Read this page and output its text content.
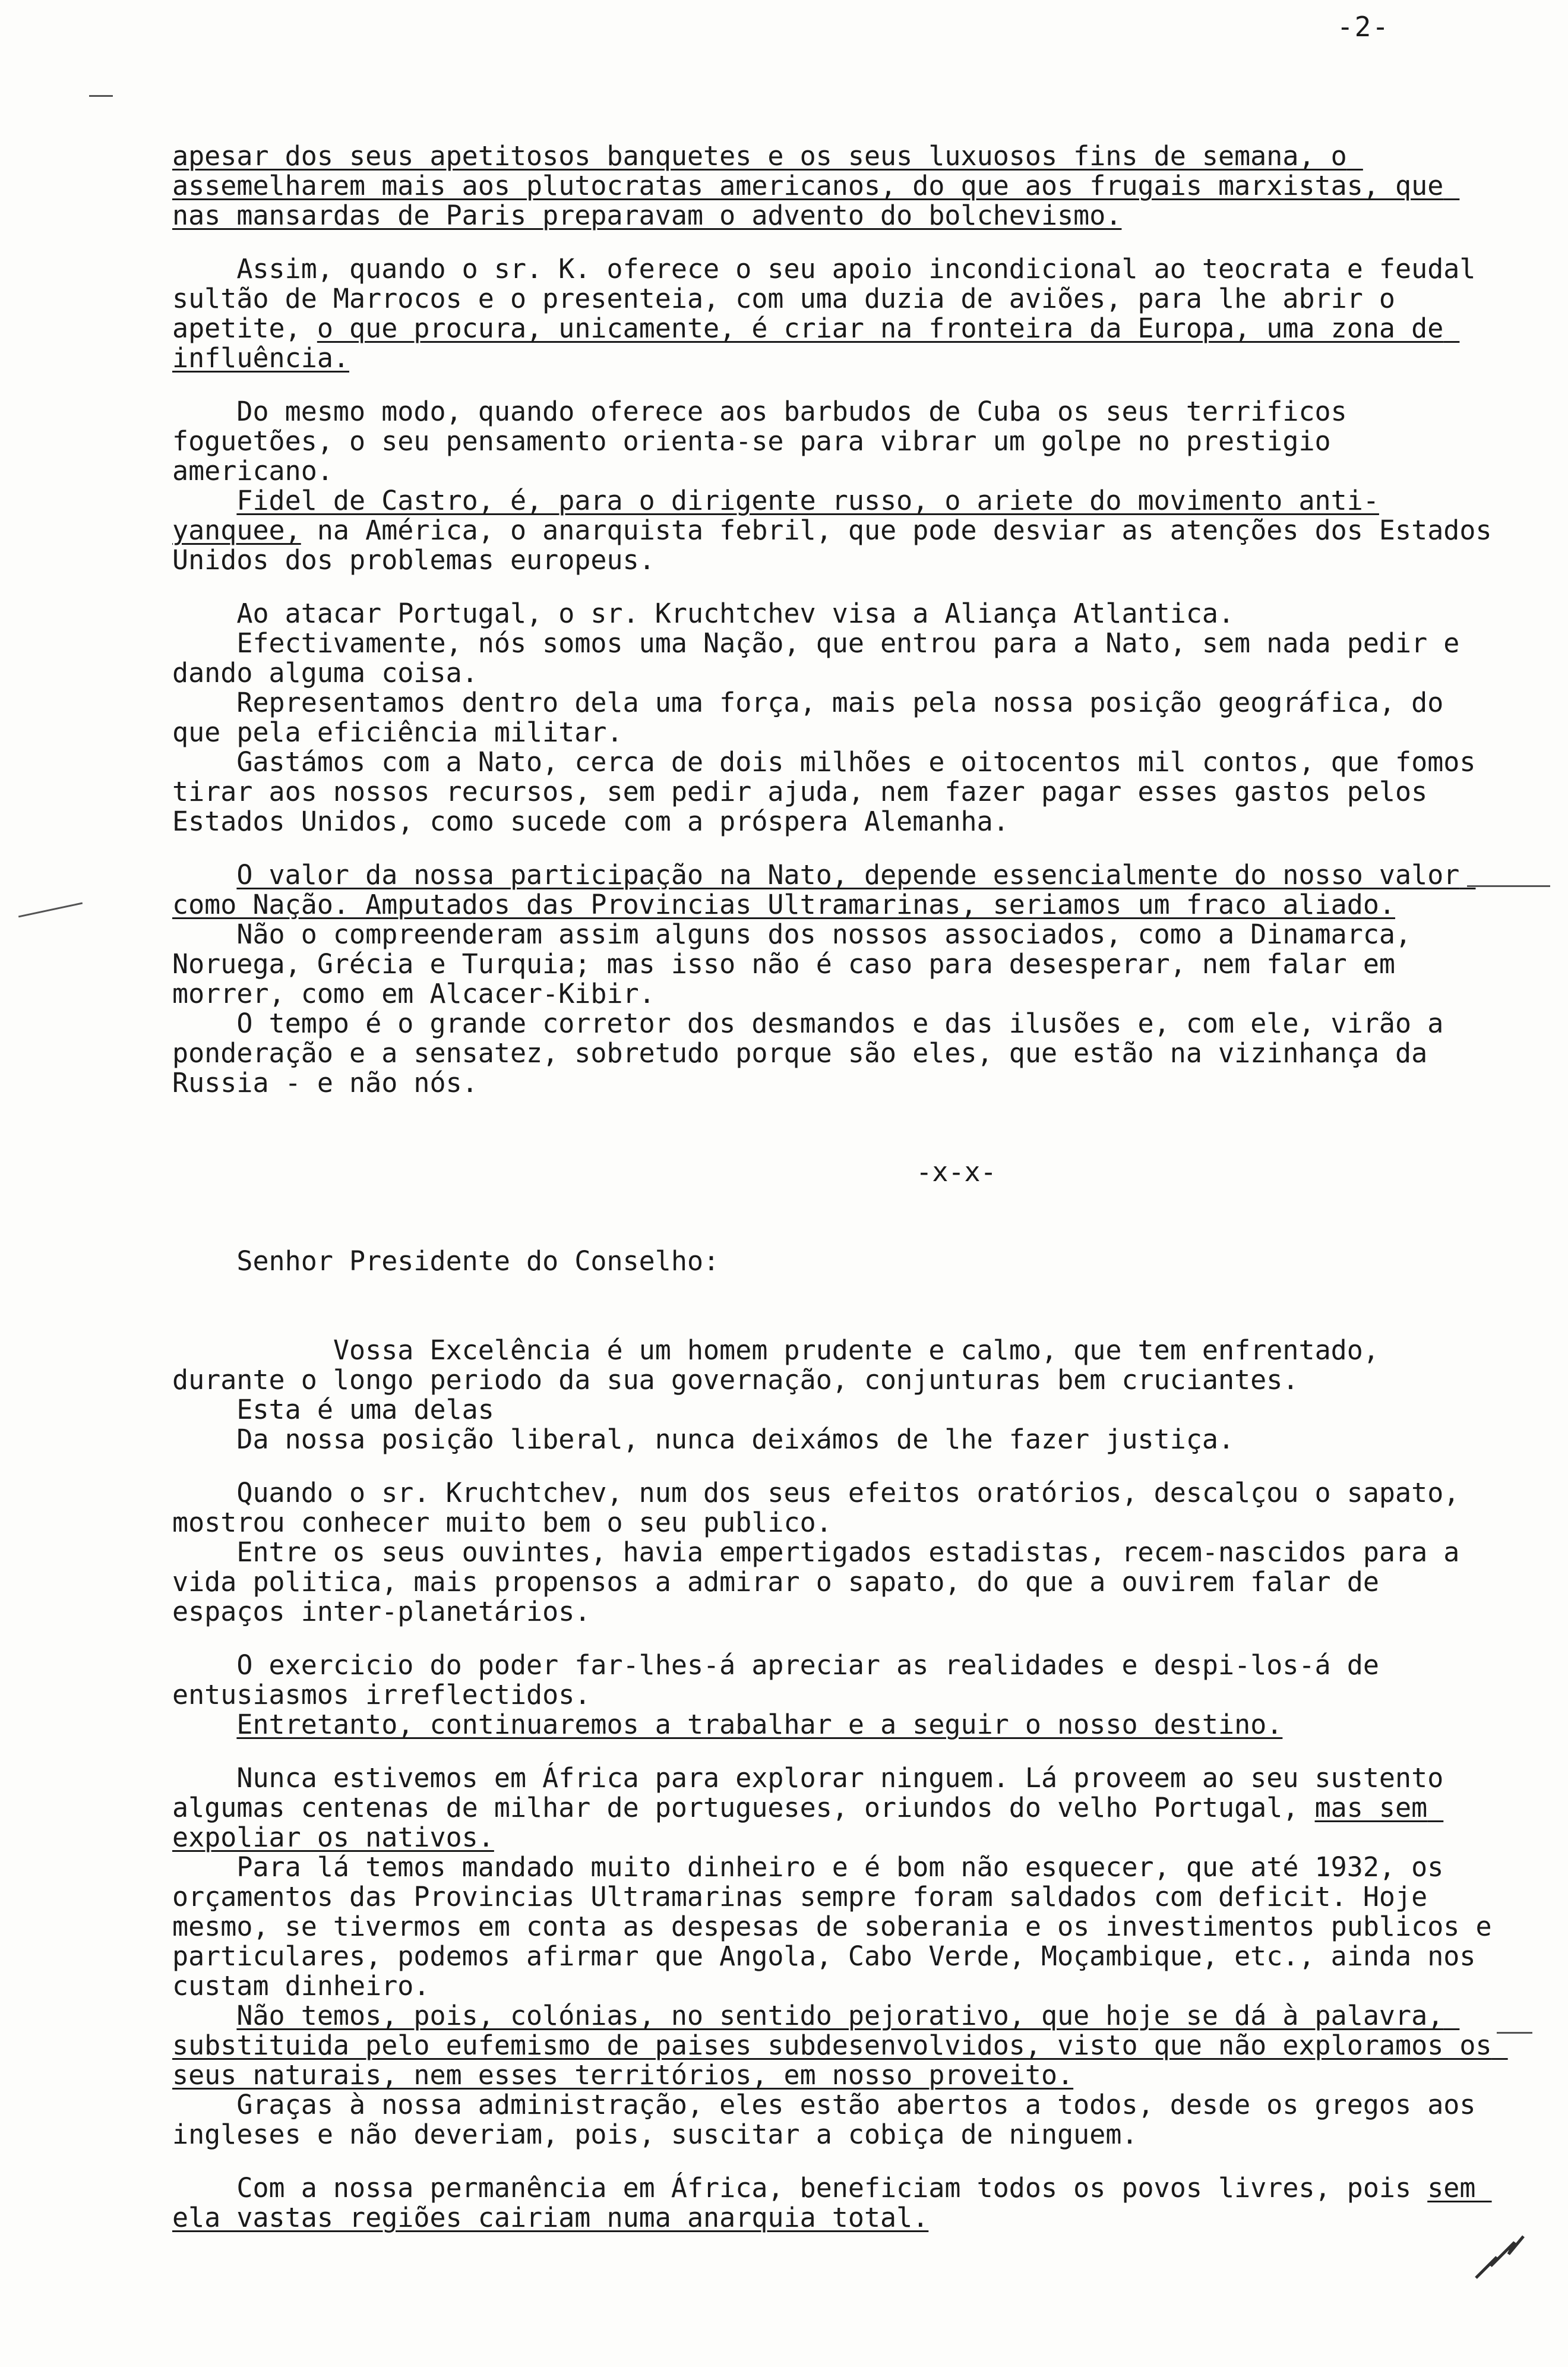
-2-

apesar dos seus apetitosos banquetes e os seus luxuosos fins de semana, o assemelharem mais aos plutocratas americanos, do que aos frugais marxistas, que nas mansardas de Paris preparavam o advento do bolchevismo.

Assim, quando o sr. K. oferece o seu apoio incondicional ao teocrata e feudal sultão de Marrocos e o presenteia, com uma duzia de aviões, para lhe abrir o apetite, o que procura, unicamente, é criar na fronteira da Europa, uma zona de influência.

Do mesmo modo, quando oferece aos barbudos de Cuba os seus terrificos foguetões, o seu pensamento orienta-se para vibrar um golpe no prestigio americano.
Fidel de Castro, é, para o dirigente russo, o ariete do movimento anti-yanquee, na América, o anarquista febril, que pode desviar as atenções dos Estados Unidos dos problemas europeus.

Ao atacar Portugal, o sr. Kruchtchev visa a Aliança Atlantica.
Efectivamente, nós somos uma Nação, que entrou para a Nato, sem nada pedir e dando alguma coisa.
Representamos dentro dela uma força, mais pela nossa posição geográfica, do que pela eficiência militar.
Gastámos com a Nato, cerca de dois milhões e oitocentos mil contos, que fomos tirar aos nossos recursos, sem pedir ajuda, nem fazer pagar esses gastos pelos Estados Unidos, como sucede com a próspera Alemanha.

O valor da nossa participação na Nato, depende essencialmente do nosso valor como Nação. Amputados das Provincias Ultramarinas, seriamos um fraco aliado.
Não o compreenderam assim alguns dos nossos associados, como a Dinamarca, Noruega, Grécia e Turquia; mas isso não é caso para desesperar, nem falar em morrer, como em Alcacer-Kibir.

O tempo é o grande corretor dos desmandos e das ilusões e, com ele, virão a ponderação e a sensatez, sobretudo porque são eles, que estão na vizinhança da Russia - e não nós.

-x-x-

Senhor Presidente do Conselho:

Vossa Excelência é um homem prudente e calmo, que tem enfrentado, durante o longo periodo da sua governação, conjunturas bem cruciantes.
Esta é uma delas
Da nossa posição liberal, nunca deixámos de lhe fazer justiça.

Quando o sr. Kruchtchev, num dos seus efeitos oratórios, descalçou o sapato, mostrou conhecer muito bem o seu publico.
Entre os seus ouvintes, havia empertigados estadistas, recem-nascidos para a vida politica, mais propensos a admirar o sapato, do que a ouvirem falar de espaços inter-planetários.

O exercicio do poder far-lhes-á apreciar as realidades e despi-los-á de entusiasmos irreflectidos.

Entretanto, continuaremos a trabalhar e a seguir o nosso destino.

Nunca estivemos em África para explorar ninguem. Lá proveem ao seu sustento algumas centenas de milhar de portugueses, oriundos do velho Portugal, mas sem expoliar os nativos.
Para lá temos mandado muito dinheiro e é bom não esquecer, que até 1932, os orçamentos das Provincias Ultramarinas sempre foram saldados com deficit. Hoje mesmo, se tivermos em conta as despesas de soberania e os investimentos publicos e particulares, podemos afirmar que Angola, Cabo Verde, Moçambique, etc., ainda nos custam dinheiro.
Não temos, pois, colónias, no sentido pejorativo, que hoje se dá à palavra, substituida pelo eufemismo de paises subdesenvolvidos, visto que não exploramos os seus naturais, nem esses territórios, em nosso proveito.
Graças à nossa administração, eles estão abertos a todos, desde os gregos aos ingleses e não deveriam, pois, suscitar a cobiça de ninguem.

Com a nossa permanência em África, beneficiam todos os povos livres, pois sem ela vastas regiões cairiam numa anarquia total.
